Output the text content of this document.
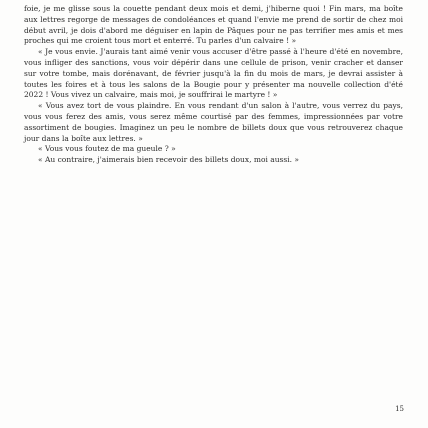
foie, je me glisse sous la couette pendant deux mois et demi, j'hiberne quoi ! Fin mars, ma boîte aux lettres regorge de messages de condoléances et quand l'envie me prend de sortir de chez moi début avril, je dois d'abord me déguiser en lapin de Pâques pour ne pas terrifier mes amis et mes proches qui me croient tous mort et enterré. Tu parles d'un calvaire ! »

« Je vous envie. J'aurais tant aimé venir vous accuser d'être passé à l'heure d'été en novembre, vous infliger des sanctions, vous voir dépérir dans une cellule de prison, venir cracher et danser sur votre tombe, mais dorénavant, de février jusqu'à la fin du mois de mars, je devrai assister à toutes les foires et à tous les salons de la Bougie pour y présenter ma nouvelle collection d'été 2022 ! Vous vivez un calvaire, mais moi, je souffrirai le martyre ! »

« Vous avez tort de vous plaindre. En vous rendant d'un salon à l'autre, vous verrez du pays, vous vous ferez des amis, vous serez même courtisé par des femmes, impressionnées par votre assortiment de bougies. Imaginez un peu le nombre de billets doux que vous retrouverez chaque jour dans la boîte aux lettres. »

« Vous vous foutez de ma gueule ? »

« Au contraire, j'aimerais bien recevoir des billets doux, moi aussi. »

15
